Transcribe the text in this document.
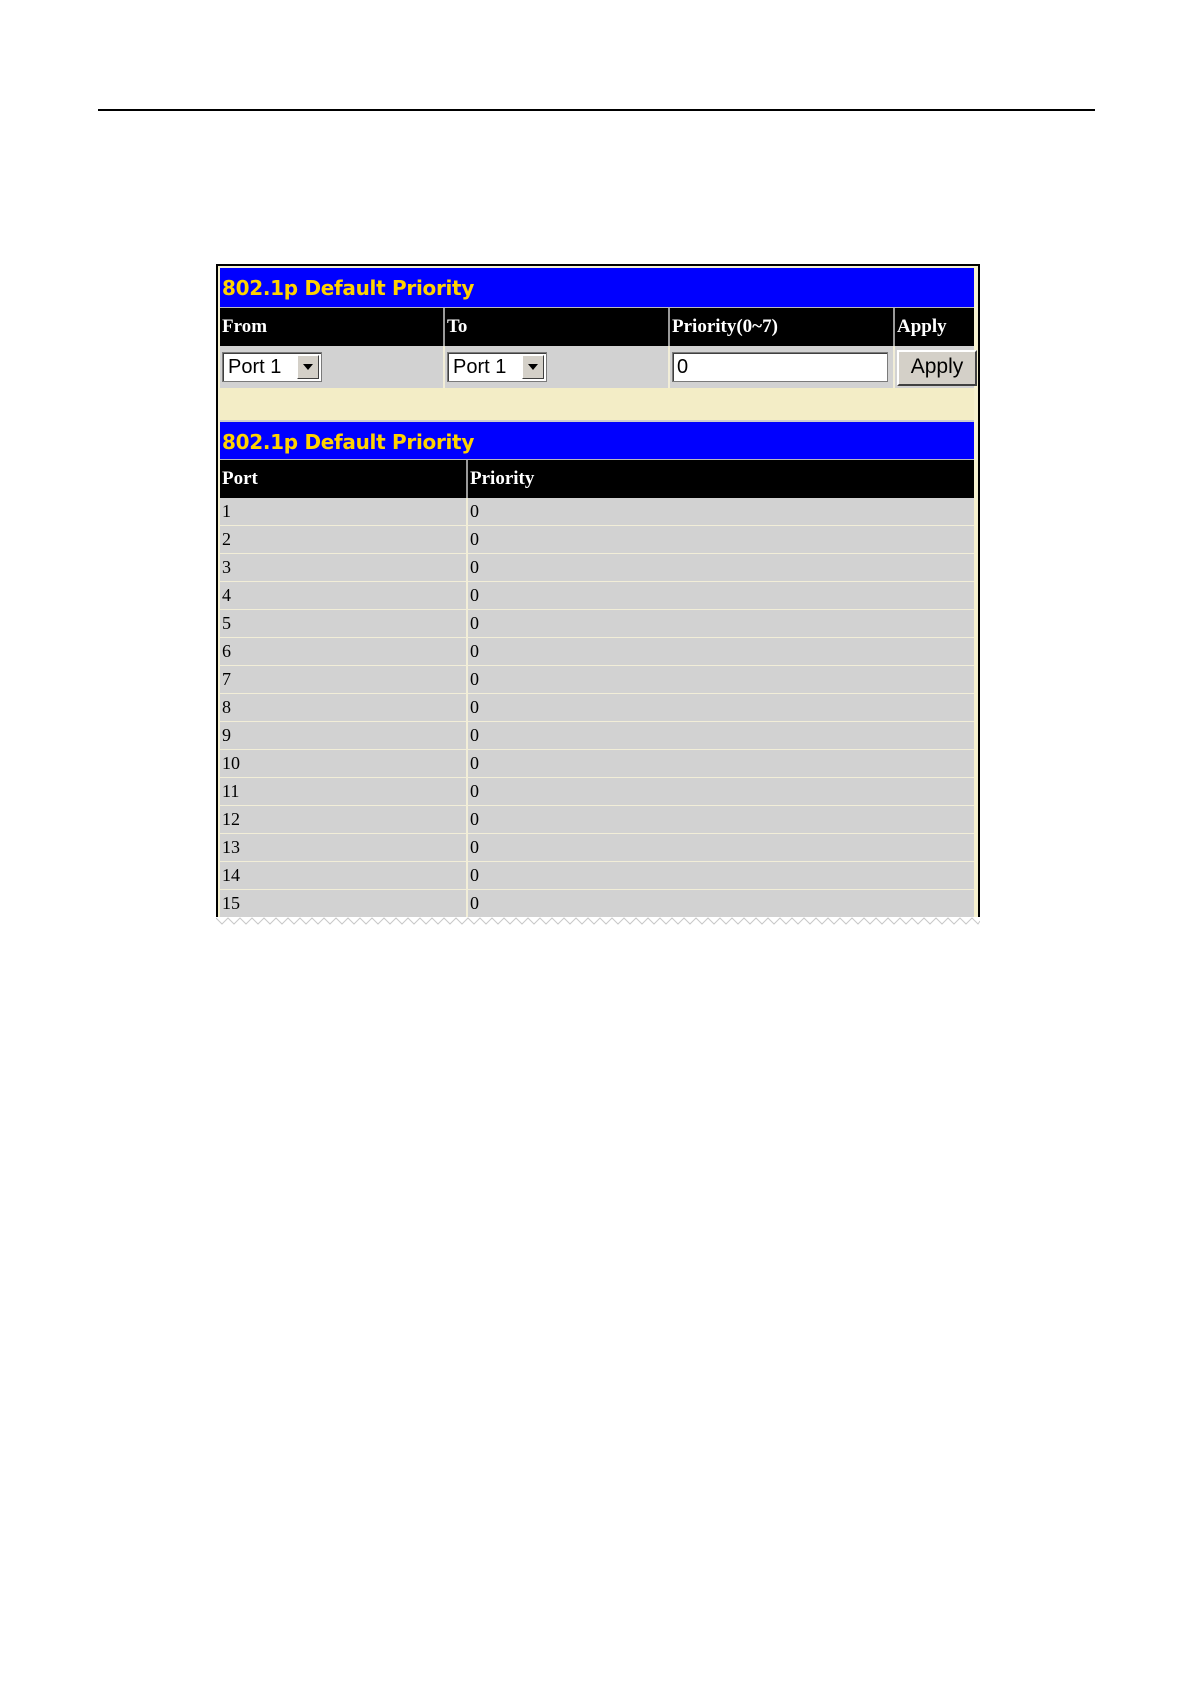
802.1p Default Priority
From	To	Priority(0~7)	Apply
Port 1	Port 1	0	Apply
802.1p Default Priority
Port	Priority
1	0
2	0
3	0
4	0
5	0
6	0
7	0
8	0
9	0
10	0
11	0
12	0
13	0
14	0
15	0
